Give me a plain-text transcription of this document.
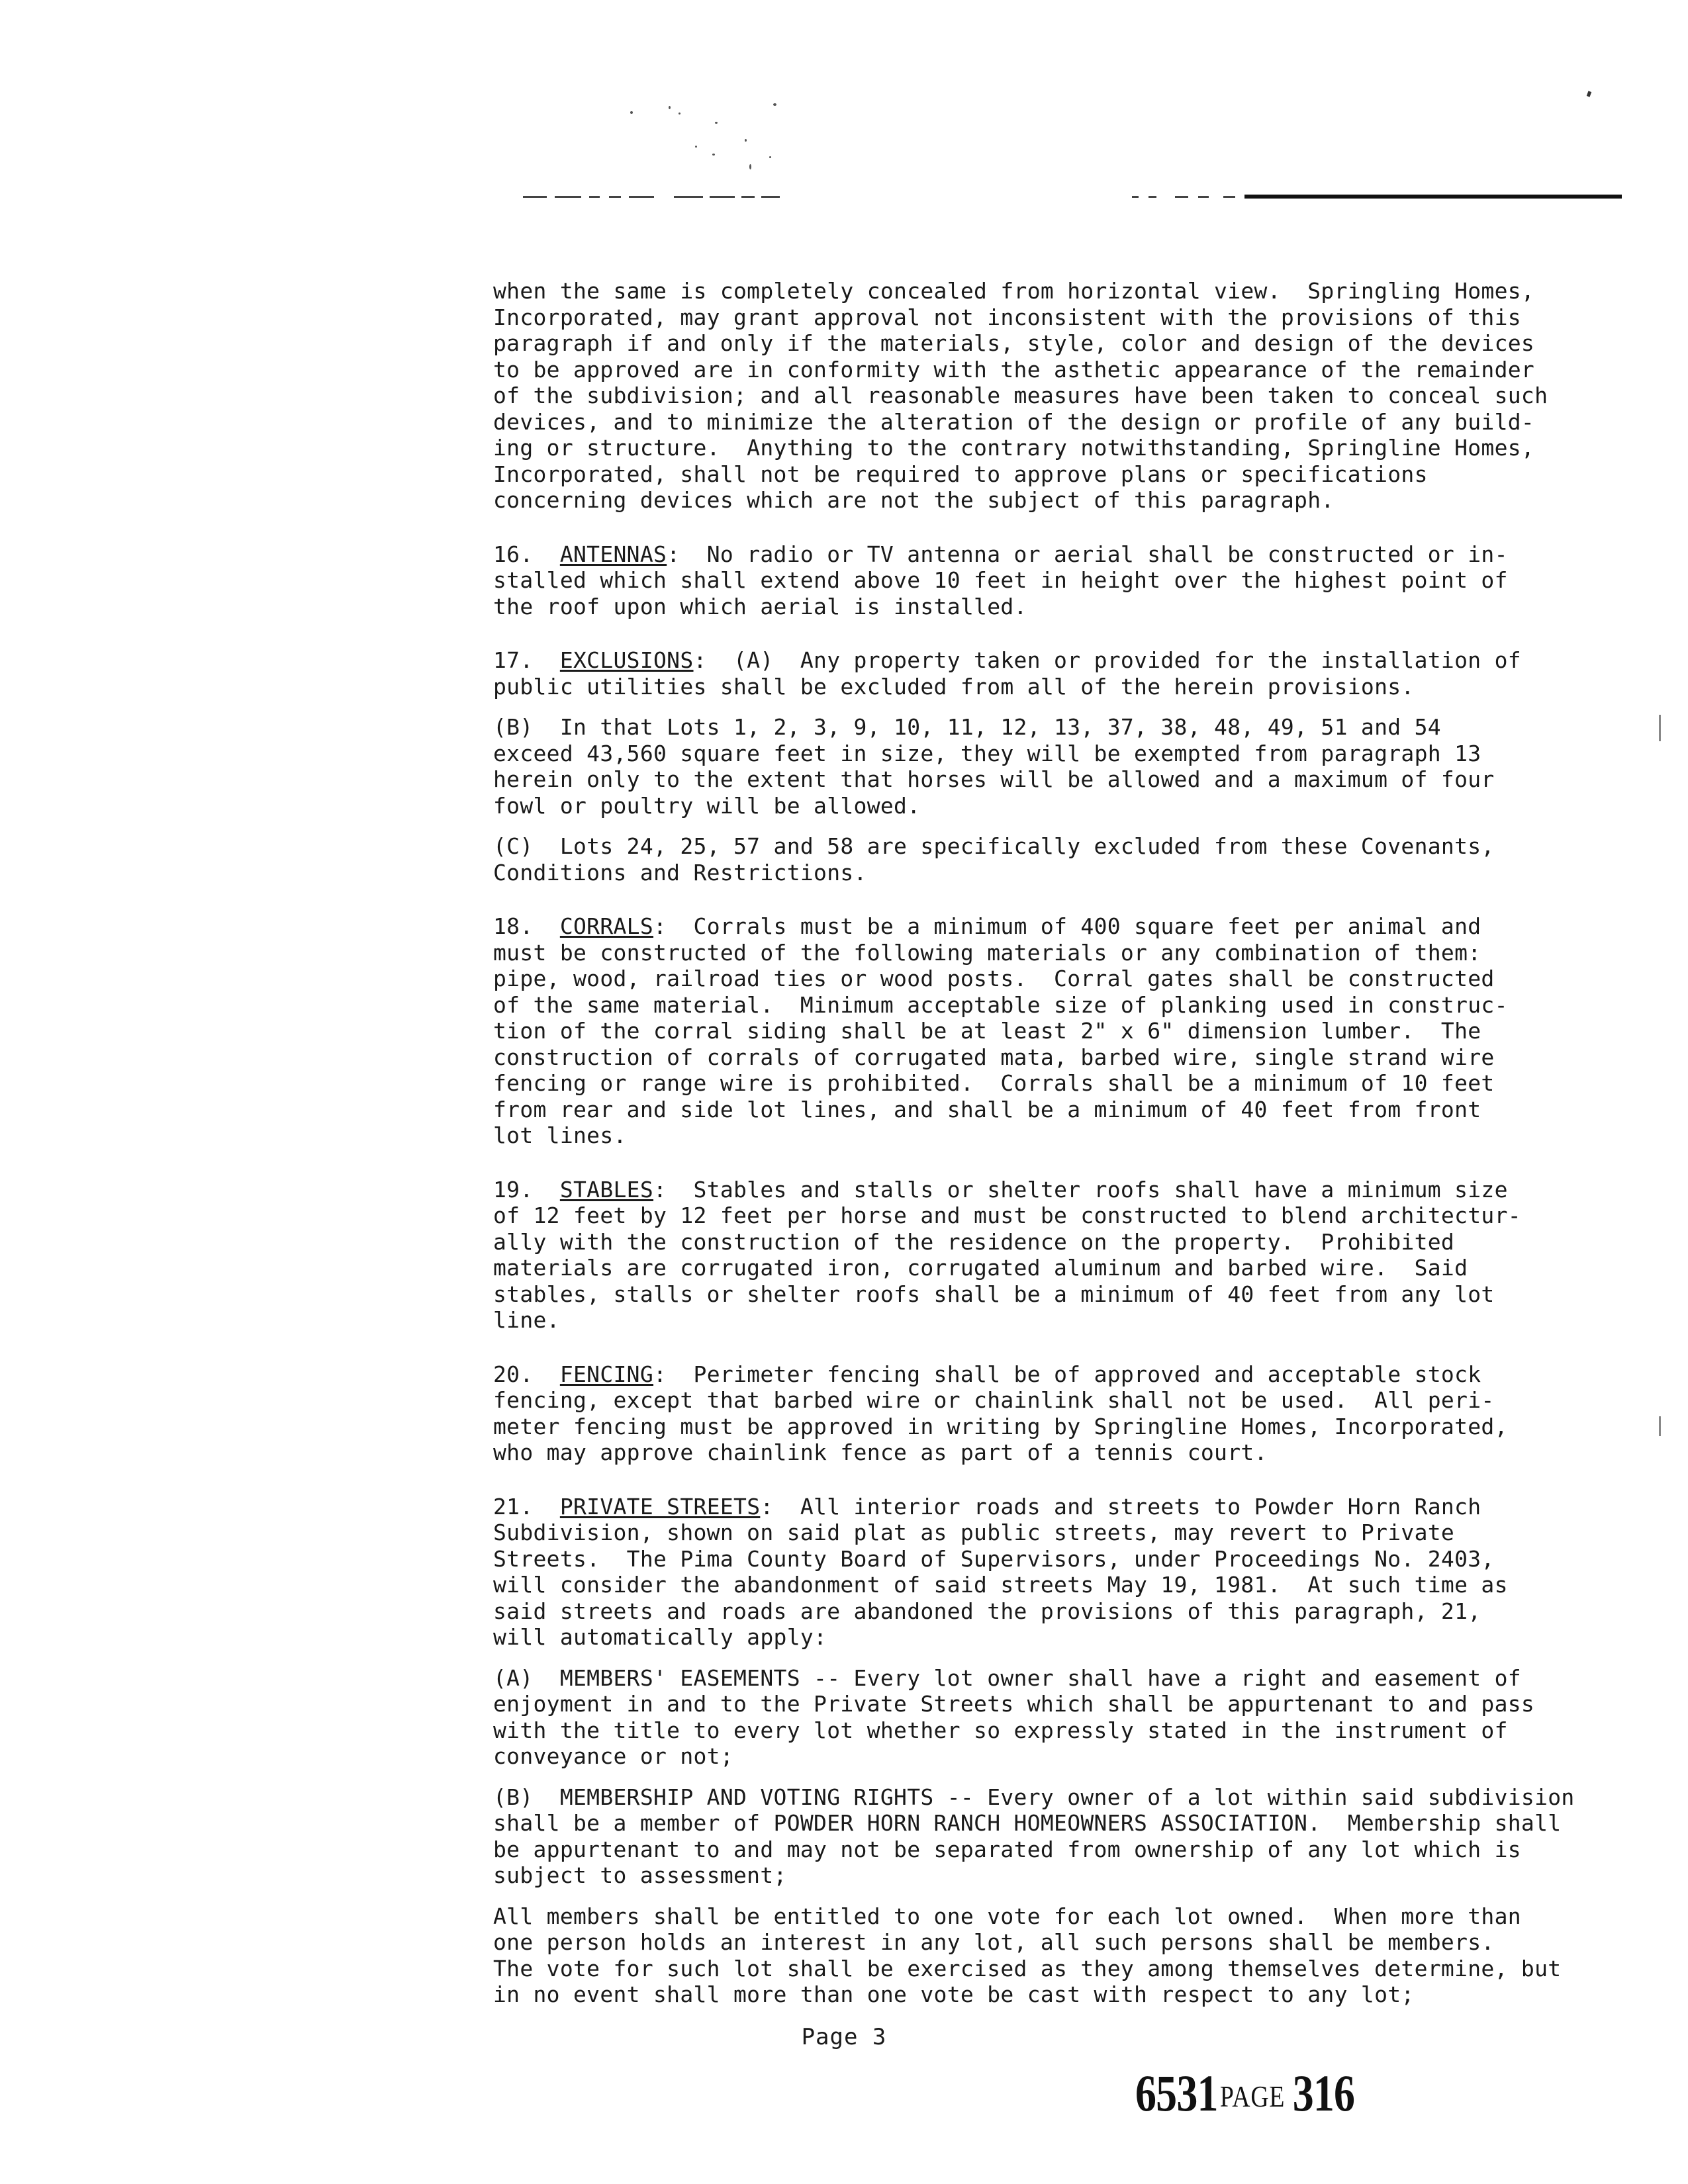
when the same is completely concealed from horizontal view.  Springling Homes,
Incorporated, may grant approval not inconsistent with the provisions of this
paragraph if and only if the materials, style, color and design of the devices
to be approved are in conformity with the asthetic appearance of the remainder
of the subdivision; and all reasonable measures have been taken to conceal such
devices, and to minimize the alteration of the design or profile of any build-
ing or structure.  Anything to the contrary notwithstanding, Springline Homes,
Incorporated, shall not be required to approve plans or specifications
concerning devices which are not the subject of this paragraph.
16.  ANTENNAS:  No radio or TV antenna or aerial shall be constructed or in-
stalled which shall extend above 10 feet in height over the highest point of
the roof upon which aerial is installed.
17.  EXCLUSIONS:  (A)  Any property taken or provided for the installation of
public utilities shall be excluded from all of the herein provisions.
(B)  In that Lots 1, 2, 3, 9, 10, 11, 12, 13, 37, 38, 48, 49, 51 and 54
exceed 43,560 square feet in size, they will be exempted from paragraph 13
herein only to the extent that horses will be allowed and a maximum of four
fowl or poultry will be allowed.
(C)  Lots 24, 25, 57 and 58 are specifically excluded from these Covenants,
Conditions and Restrictions.
18.  CORRALS:  Corrals must be a minimum of 400 square feet per animal and
must be constructed of the following materials or any combination of them:
pipe, wood, railroad ties or wood posts.  Corral gates shall be constructed
of the same material.  Minimum acceptable size of planking used in construc-
tion of the corral siding shall be at least 2" x 6" dimension lumber.  The
construction of corrals of corrugated mata, barbed wire, single strand wire
fencing or range wire is prohibited.  Corrals shall be a minimum of 10 feet
from rear and side lot lines, and shall be a minimum of 40 feet from front
lot lines.
19.  STABLES:  Stables and stalls or shelter roofs shall have a minimum size
of 12 feet by 12 feet per horse and must be constructed to blend architectur-
ally with the construction of the residence on the property.  Prohibited
materials are corrugated iron, corrugated aluminum and barbed wire.  Said
stables, stalls or shelter roofs shall be a minimum of 40 feet from any lot
line.
20.  FENCING:  Perimeter fencing shall be of approved and acceptable stock
fencing, except that barbed wire or chainlink shall not be used.  All peri-
meter fencing must be approved in writing by Springline Homes, Incorporated,
who may approve chainlink fence as part of a tennis court.
21.  PRIVATE STREETS:  All interior roads and streets to Powder Horn Ranch
Subdivision, shown on said plat as public streets, may revert to Private
Streets.  The Pima County Board of Supervisors, under Proceedings No. 2403,
will consider the abandonment of said streets May 19, 1981.  At such time as
said streets and roads are abandoned the provisions of this paragraph, 21,
will automatically apply:
(A)  MEMBERS' EASEMENTS -- Every lot owner shall have a right and easement of
enjoyment in and to the Private Streets which shall be appurtenant to and pass
with the title to every lot whether so expressly stated in the instrument of
conveyance or not;
(B)  MEMBERSHIP AND VOTING RIGHTS -- Every owner of a lot within said subdivision
shall be a member of POWDER HORN RANCH HOMEOWNERS ASSOCIATION.  Membership shall
be appurtenant to and may not be separated from ownership of any lot which is
subject to assessment;
All members shall be entitled to one vote for each lot owned.  When more than
one person holds an interest in any lot, all such persons shall be members.
The vote for such lot shall be exercised as they among themselves determine, but
in no event shall more than one vote be cast with respect to any lot;
Page 3
6531PAGE 316
